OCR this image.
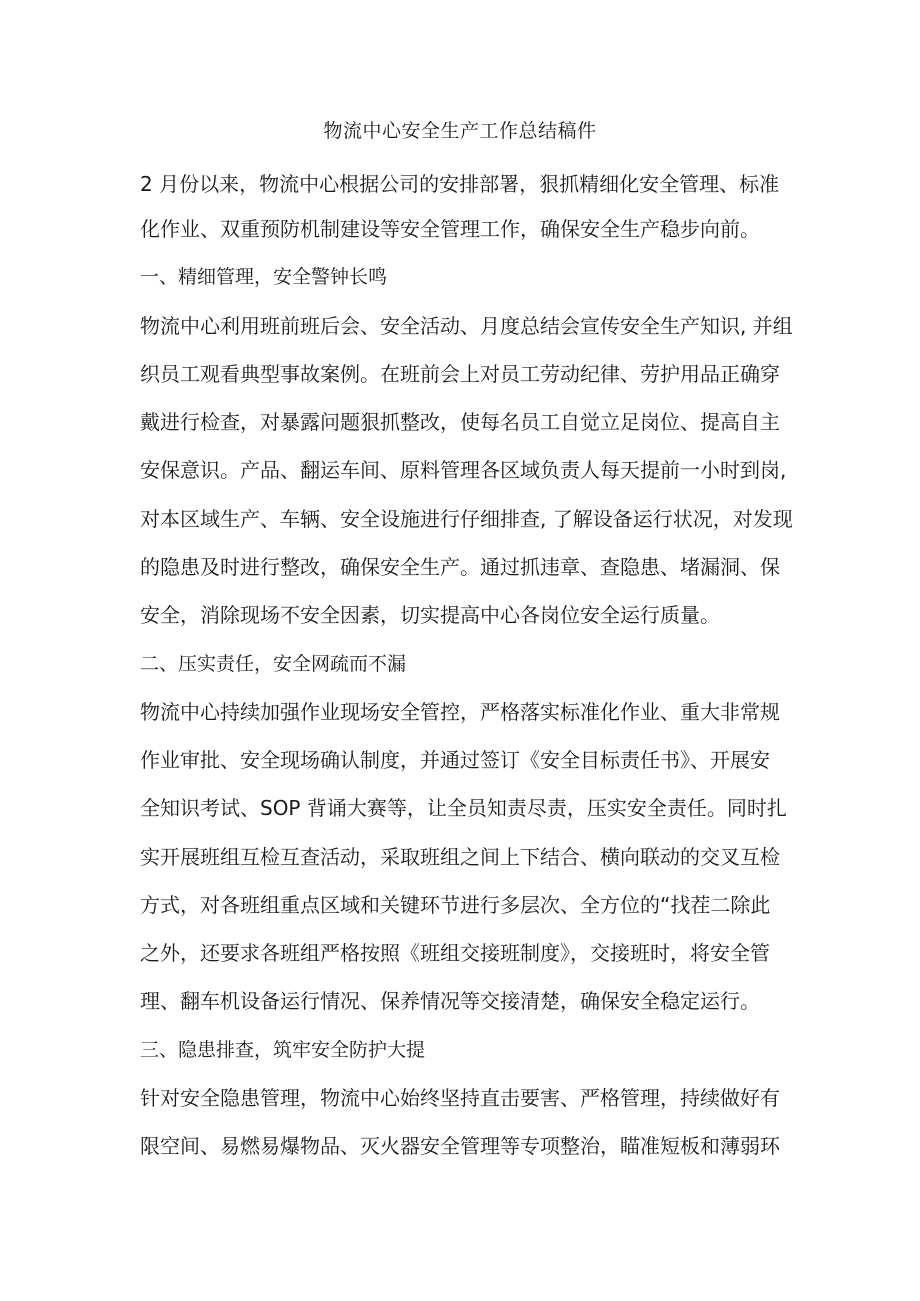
物流中心安全生产工作总结稿件

2 月份以来，物流中心根据公司的安排部署，狠抓精细化安全管理、标准

化作业、双重预防机制建设等安全管理工作，确保安全生产稳步向前。

一、精细管理，安全警钟长鸣

物流中心利用班前班后会、安全活动、月度总结会宣传安全生产知识, 并组

织员工观看典型事故案例。在班前会上对员工劳动纪律、劳护用品正确穿

戴进行检查，对暴露问题狠抓整改，使每名员工自觉立足岗位、提高自主

安保意识。产品、翻运车间、原料管理各区域负责人每天提前一小时到岗,

对本区域生产、车辆、安全设施进行仔细排查, 了解设备运行状况，对发现

的隐患及时进行整改，确保安全生产。通过抓违章、查隐患、堵漏洞、保

安全，消除现场不安全因素，切实提高中心各岗位安全运行质量。

二、压实责任，安全网疏而不漏

物流中心持续加强作业现场安全管控，严格落实标准化作业、重大非常规

作业审批、安全现场确认制度，并通过签订《安全目标责任书》、开展安

全知识考试、SOP 背诵大赛等，让全员知责尽责，压实安全责任。同时扎

实开展班组互检互查活动，采取班组之间上下结合、横向联动的交叉互检

方式，对各班组重点区域和关键环节进行多层次、全方位的“找茬二除此

之外，还要求各班组严格按照《班组交接班制度》，交接班时，将安全管

理、翻车机设备运行情况、保养情况等交接清楚，确保安全稳定运行。

三、隐患排查，筑牢安全防护大提

针对安全隐患管理，物流中心始终坚持直击要害、严格管理，持续做好有

限空间、易燃易爆物品、灭火器安全管理等专项整治，瞄准短板和薄弱环
